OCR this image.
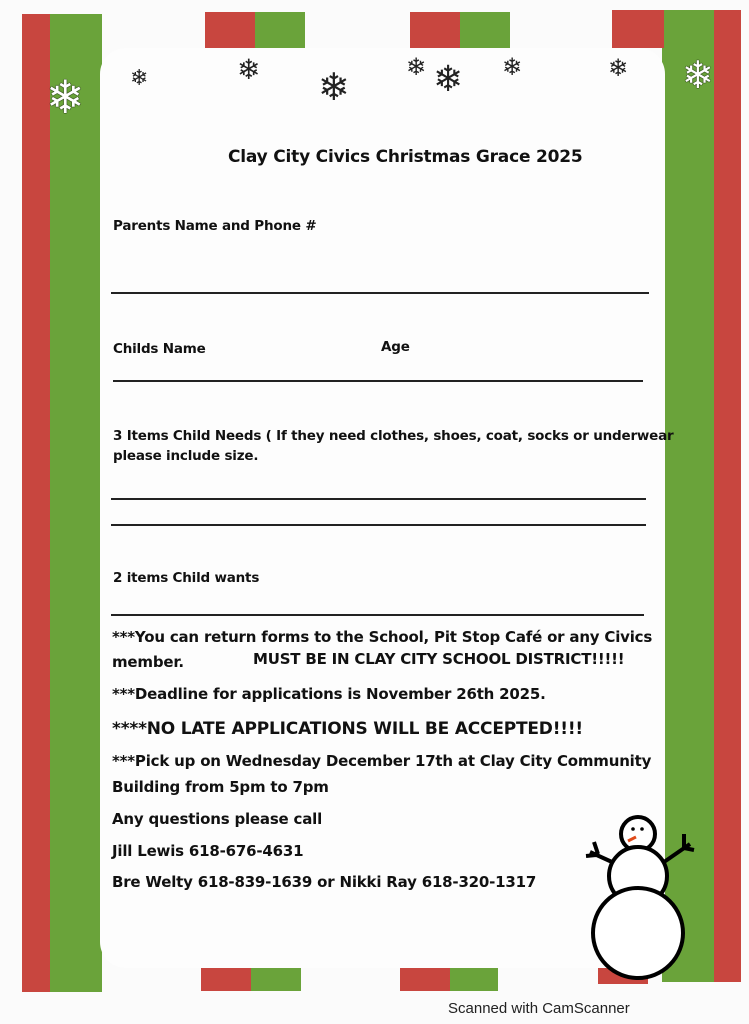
❄ ❄	❄ ❄ ❄ ❄ ❄	❄ ❄
Clay City Civics Christmas Grace 2025
Parents Name and Phone #
Childs Name	Age
3 Items Child Needs ( If they need clothes, shoes, coat, socks or underwear
please include size.
2 items Child wants
***You can return forms to the School, Pit Stop Café or any Civics
member.	MUST BE IN CLAY CITY SCHOOL DISTRICT!!!!!
***Deadline for applications is November 26th 2025.
****NO LATE APPLICATIONS WILL BE ACCEPTED!!!!
***Pick up on Wednesday December 17th at Clay City Community
Building from 5pm to 7pm
Any questions please call
Jill Lewis 618-676-4631
Bre Welty 618-839-1639 or Nikki Ray 618-320-1317
Scanned with CamScanner
